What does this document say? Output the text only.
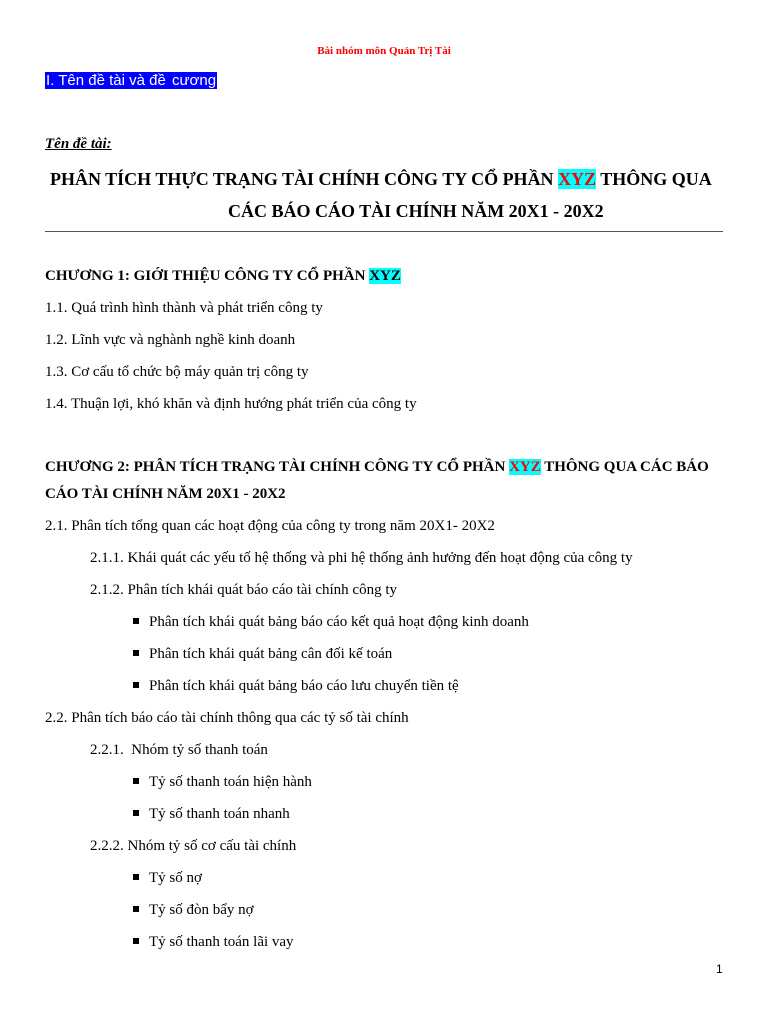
Bài nhóm môn Quản Trị Tài
I. Tên đề tài và đề cương
Tên đề tài:
PHÂN TÍCH THỰC TRẠNG TÀI CHÍNH CÔNG TY CỔ PHẦN XYZ THÔNG QUA
CÁC BÁO CÁO TÀI CHÍNH NĂM 20X1 - 20X2
CHƯƠNG 1: GIỚI THIỆU CÔNG TY CỔ PHẦN XYZ
1.1. Quá trình hình thành và phát triển công ty
1.2. Lĩnh vực và nghành nghề kinh doanh
1.3. Cơ cấu tổ chức bộ máy quản trị công ty
1.4. Thuận lợi, khó khăn và định hướng phát triển của công ty
CHƯƠNG 2: PHÂN TÍCH TRẠNG TÀI CHÍNH CÔNG TY CỔ PHẦN XYZ THÔNG QUA CÁC BÁO
CÁO TÀI CHÍNH NĂM 20X1 - 20X2
2.1. Phân tích tổng quan các hoạt động của công ty trong năm 20X1- 20X2
2.1.1. Khái quát các yếu tố hệ thống và phi hệ thống ảnh hưởng đến hoạt động của công ty
2.1.2. Phân tích khái quát báo cáo tài chính công ty
Phân tích khái quát bảng báo cáo kết quả hoạt động kinh doanh
Phân tích khái quát bảng cân đối kế toán
Phân tích khái quát bảng báo cáo lưu chuyển tiền tệ
2.2. Phân tích báo cáo tài chính thông qua các tỷ số tài chính
2.2.1.  Nhóm tỷ số thanh toán
Tỷ số thanh toán hiện hành
Tỷ số thanh toán nhanh
2.2.2. Nhóm tỷ số cơ cấu tài chính
Tỷ số nợ
Tỷ số đòn bẩy nợ
Tỷ số thanh toán lãi vay
1
